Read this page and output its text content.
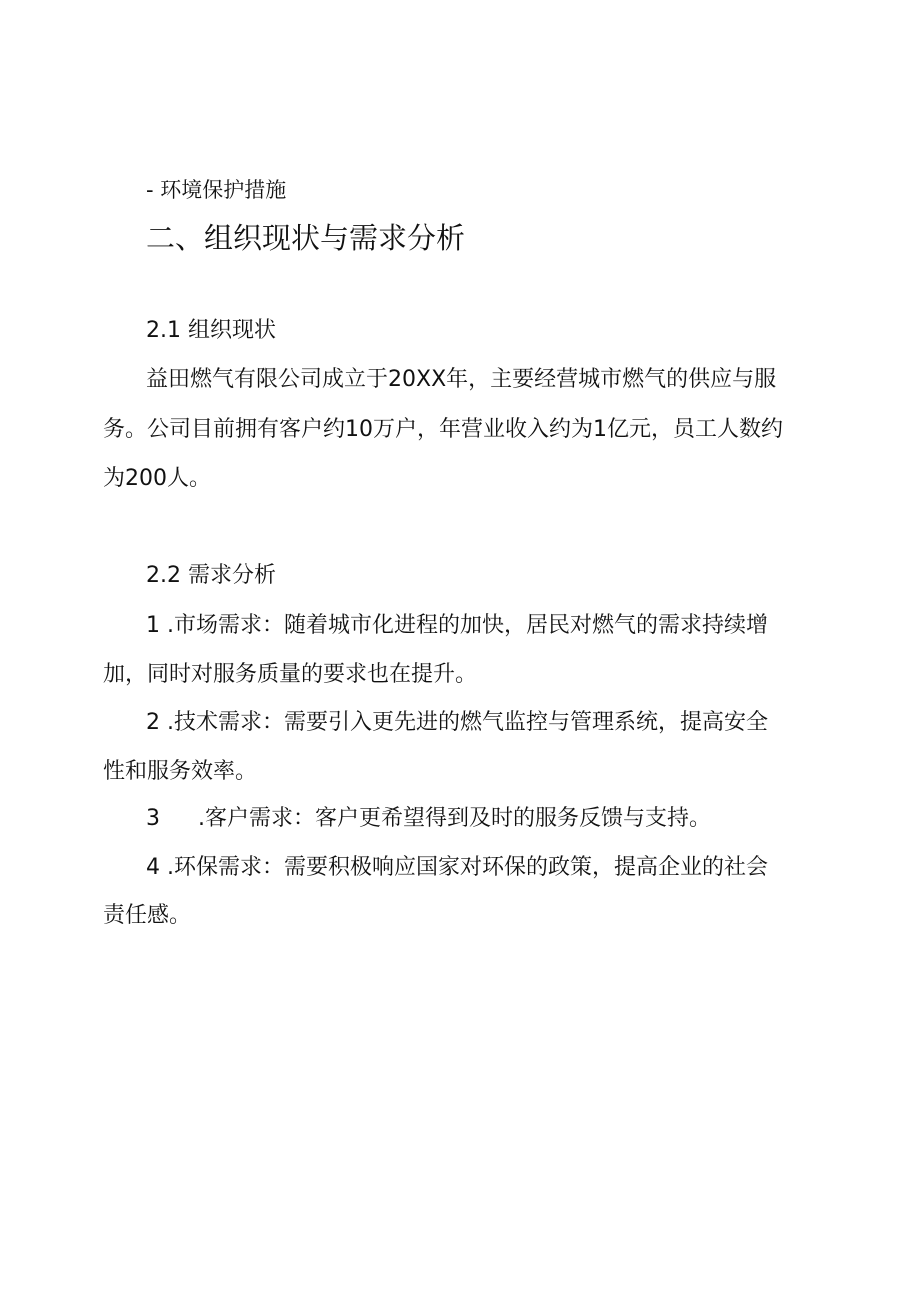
- 环境保护措施
二、组织现状与需求分析
2.1 组织现状
益田燃气有限公司成立于20XX年，主要经营城市燃气的供应与服
务。公司目前拥有客户约10万户，年营业收入约为1亿元，员工人数约
为200人。
2.2 需求分析
1 .市场需求：随着城市化进程的加快，居民对燃气的需求持续增
加，同时对服务质量的要求也在提升。
2 .技术需求：需要引入更先进的燃气监控与管理系统，提高安全
性和服务效率。
3 .客户需求：客户更希望得到及时的服务反馈与支持。
4 .环保需求：需要积极响应国家对环保的政策，提高企业的社会
责任感。
